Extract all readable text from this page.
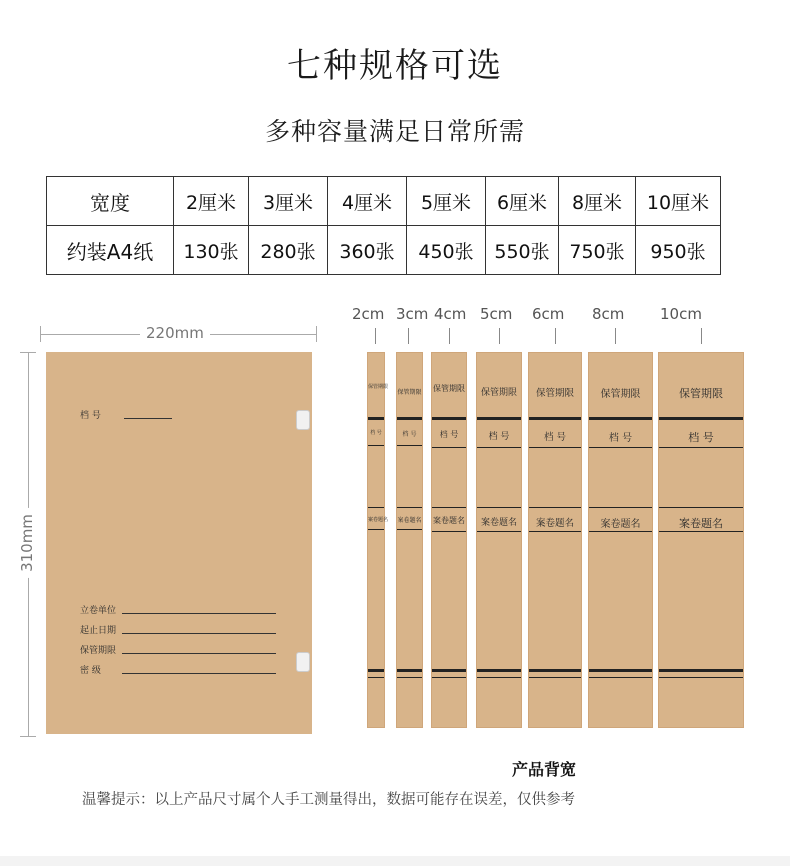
七种规格可选
多种容量满足日常所需
宽度	2厘米	3厘米	4厘米	5厘米	6厘米	8厘米	10厘米
约装A4纸	130张	280张	360张	450张	550张	750张	950张
220mm
310mm
档 号
立卷单位
起止日期
保管期限
密 级
2cm 3cm 4cm 5cm 6cm 8cm 10cm
保管期限
档 号
案卷题名
保管期限
档 号
案卷题名
保管期限
档 号
案卷题名
保管期限
档 号
案卷题名
保管期限
档 号
案卷题名
保管期限
档 号
案卷题名
保管期限
档 号
案卷题名
产品背宽
温馨提示：以上产品尺寸属个人手工测量得出，数据可能存在误差，仅供参考
